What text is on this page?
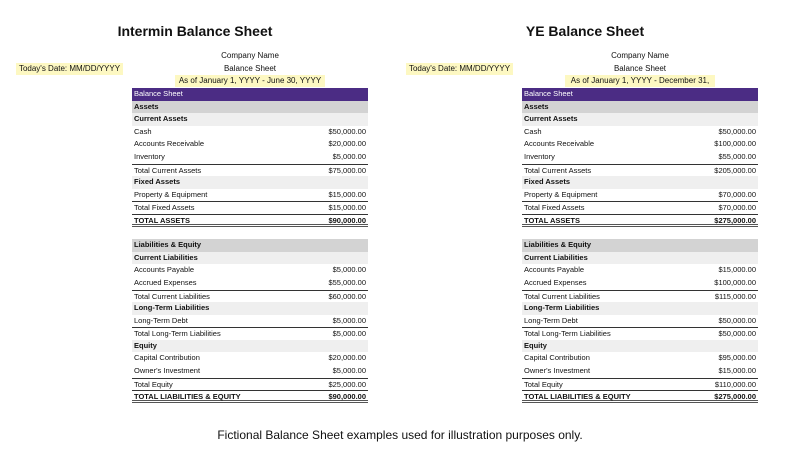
Intermin Balance Sheet
Company Name
Balance Sheet
Today's Date: MM/DD/YYYY
As of January 1, YYYY - June 30, YYYY
Balance Sheet
Assets
Current Assets
Cash	$50,000.00
Accounts Receivable	$20,000.00
Inventory	$5,000.00
Total Current Assets	$75,000.00
Fixed Assets
Property & Equipment	$15,000.00
Total Fixed Assets	$15,000.00
TOTAL ASSETS	$90,000.00
Liabilities & Equity
Current Liabilities
Accounts Payable	$5,000.00
Accrued Expenses	$55,000.00
Total Current Liabilities	$60,000.00
Long-Term Liabilities
Long-Term Debt	$5,000.00
Total Long-Term Liabilities	$5,000.00
Equity
Capital Contribution	$20,000.00
Owner's Investment	$5,000.00
Total Equity	$25,000.00
TOTAL LIABILITIES & EQUITY	$90,000.00
YE Balance Sheet
Company Name
Balance Sheet
Today's Date: MM/DD/YYYY
As of January 1, YYYY - December 31,
Balance Sheet
Assets
Current Assets
Cash	$50,000.00
Accounts Receivable	$100,000.00
Inventory	$55,000.00
Total Current Assets	$205,000.00
Fixed Assets
Property & Equipment	$70,000.00
Total Fixed Assets	$70,000.00
TOTAL ASSETS	$275,000.00
Liabilities & Equity
Current Liabilities
Accounts Payable	$15,000.00
Accrued Expenses	$100,000.00
Total Current Liabilities	$115,000.00
Long-Term Liabilities
Long-Term Debt	$50,000.00
Total Long-Term Liabilities	$50,000.00
Equity
Capital Contribution	$95,000.00
Owner's Investment	$15,000.00
Total Equity	$110,000.00
TOTAL LIABILITIES & EQUITY	$275,000.00
Fictional Balance Sheet examples used for illustration purposes only.
